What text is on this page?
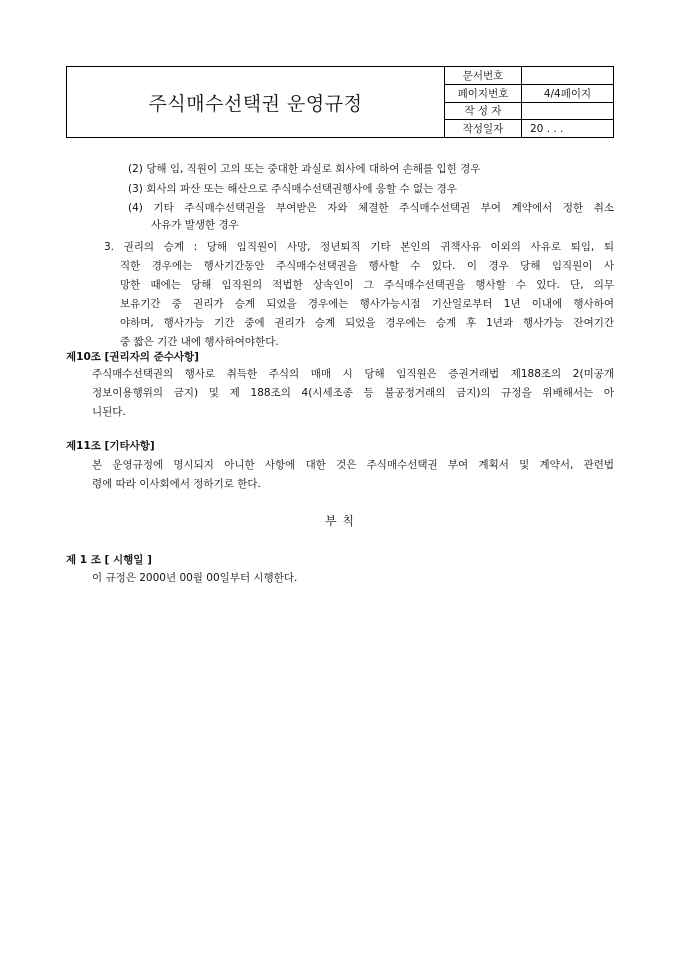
주식매수선택권 운영규정
문서번호
페이지번호	4/4페이지
작 성 자
작성일자	20 . . .
(2) 당해 임, 직원이 고의 또는 중대한 과실로 회사에 대하여 손해를 입힌 경우
(3) 회사의 파산 또는 해산으로 주식매수선택권행사에 응할 수 없는 경우
(4) 기타 주식매수선택권을 부여받은 자와 체결한 주식매수선택권 부여 계약에서 정한 취소
사유가 발생한 경우
3. 권리의 승계 : 당해 임직원이 사망, 정년퇴직 기타 본인의 귀책사유 이외의 사유로 퇴임, 퇴
직한 경우에는 행사기간동안 주식매수선택권을 행사할 수 있다. 이 경우 당해 임직원이 사
망한 때에는 당해 임직원의 적법한 상속인이 그 주식매수선택권을 행사할 수 있다. 단, 의무
보유기간 중 권리가 승계 되었을 경우에는 행사가능시점 기산일로부터 1년 이내에 행사하여
야하며, 행사가능 기간 중에 권리가 승계 되었을 경우에는 승계 후 1년과 행사가능 잔여기간
중 짧은 기간 내에 행사하여야한다.
제10조 [권리자의 준수사항]
주식매수선택권의 행사로 취득한 주식의 매매 시 당해 임직원은 증권거래법 제188조의 2(미공개
정보이용행위의 금지) 및 제 188조의 4(시세조종 등 불공정거래의 금지)의 규정을 위배해서는 아
니된다.
제11조 [기타사항]
본 운영규정에 명시되지 아니한 사항에 대한 것은 주식매수선택권 부여 계획서 및 계약서, 관련법
령에 따라 이사회에서 정하기로 한다.
부 칙
제 1 조 [ 시행일 ]
이 규정은 2000년 00월 00일부터 시행한다.
